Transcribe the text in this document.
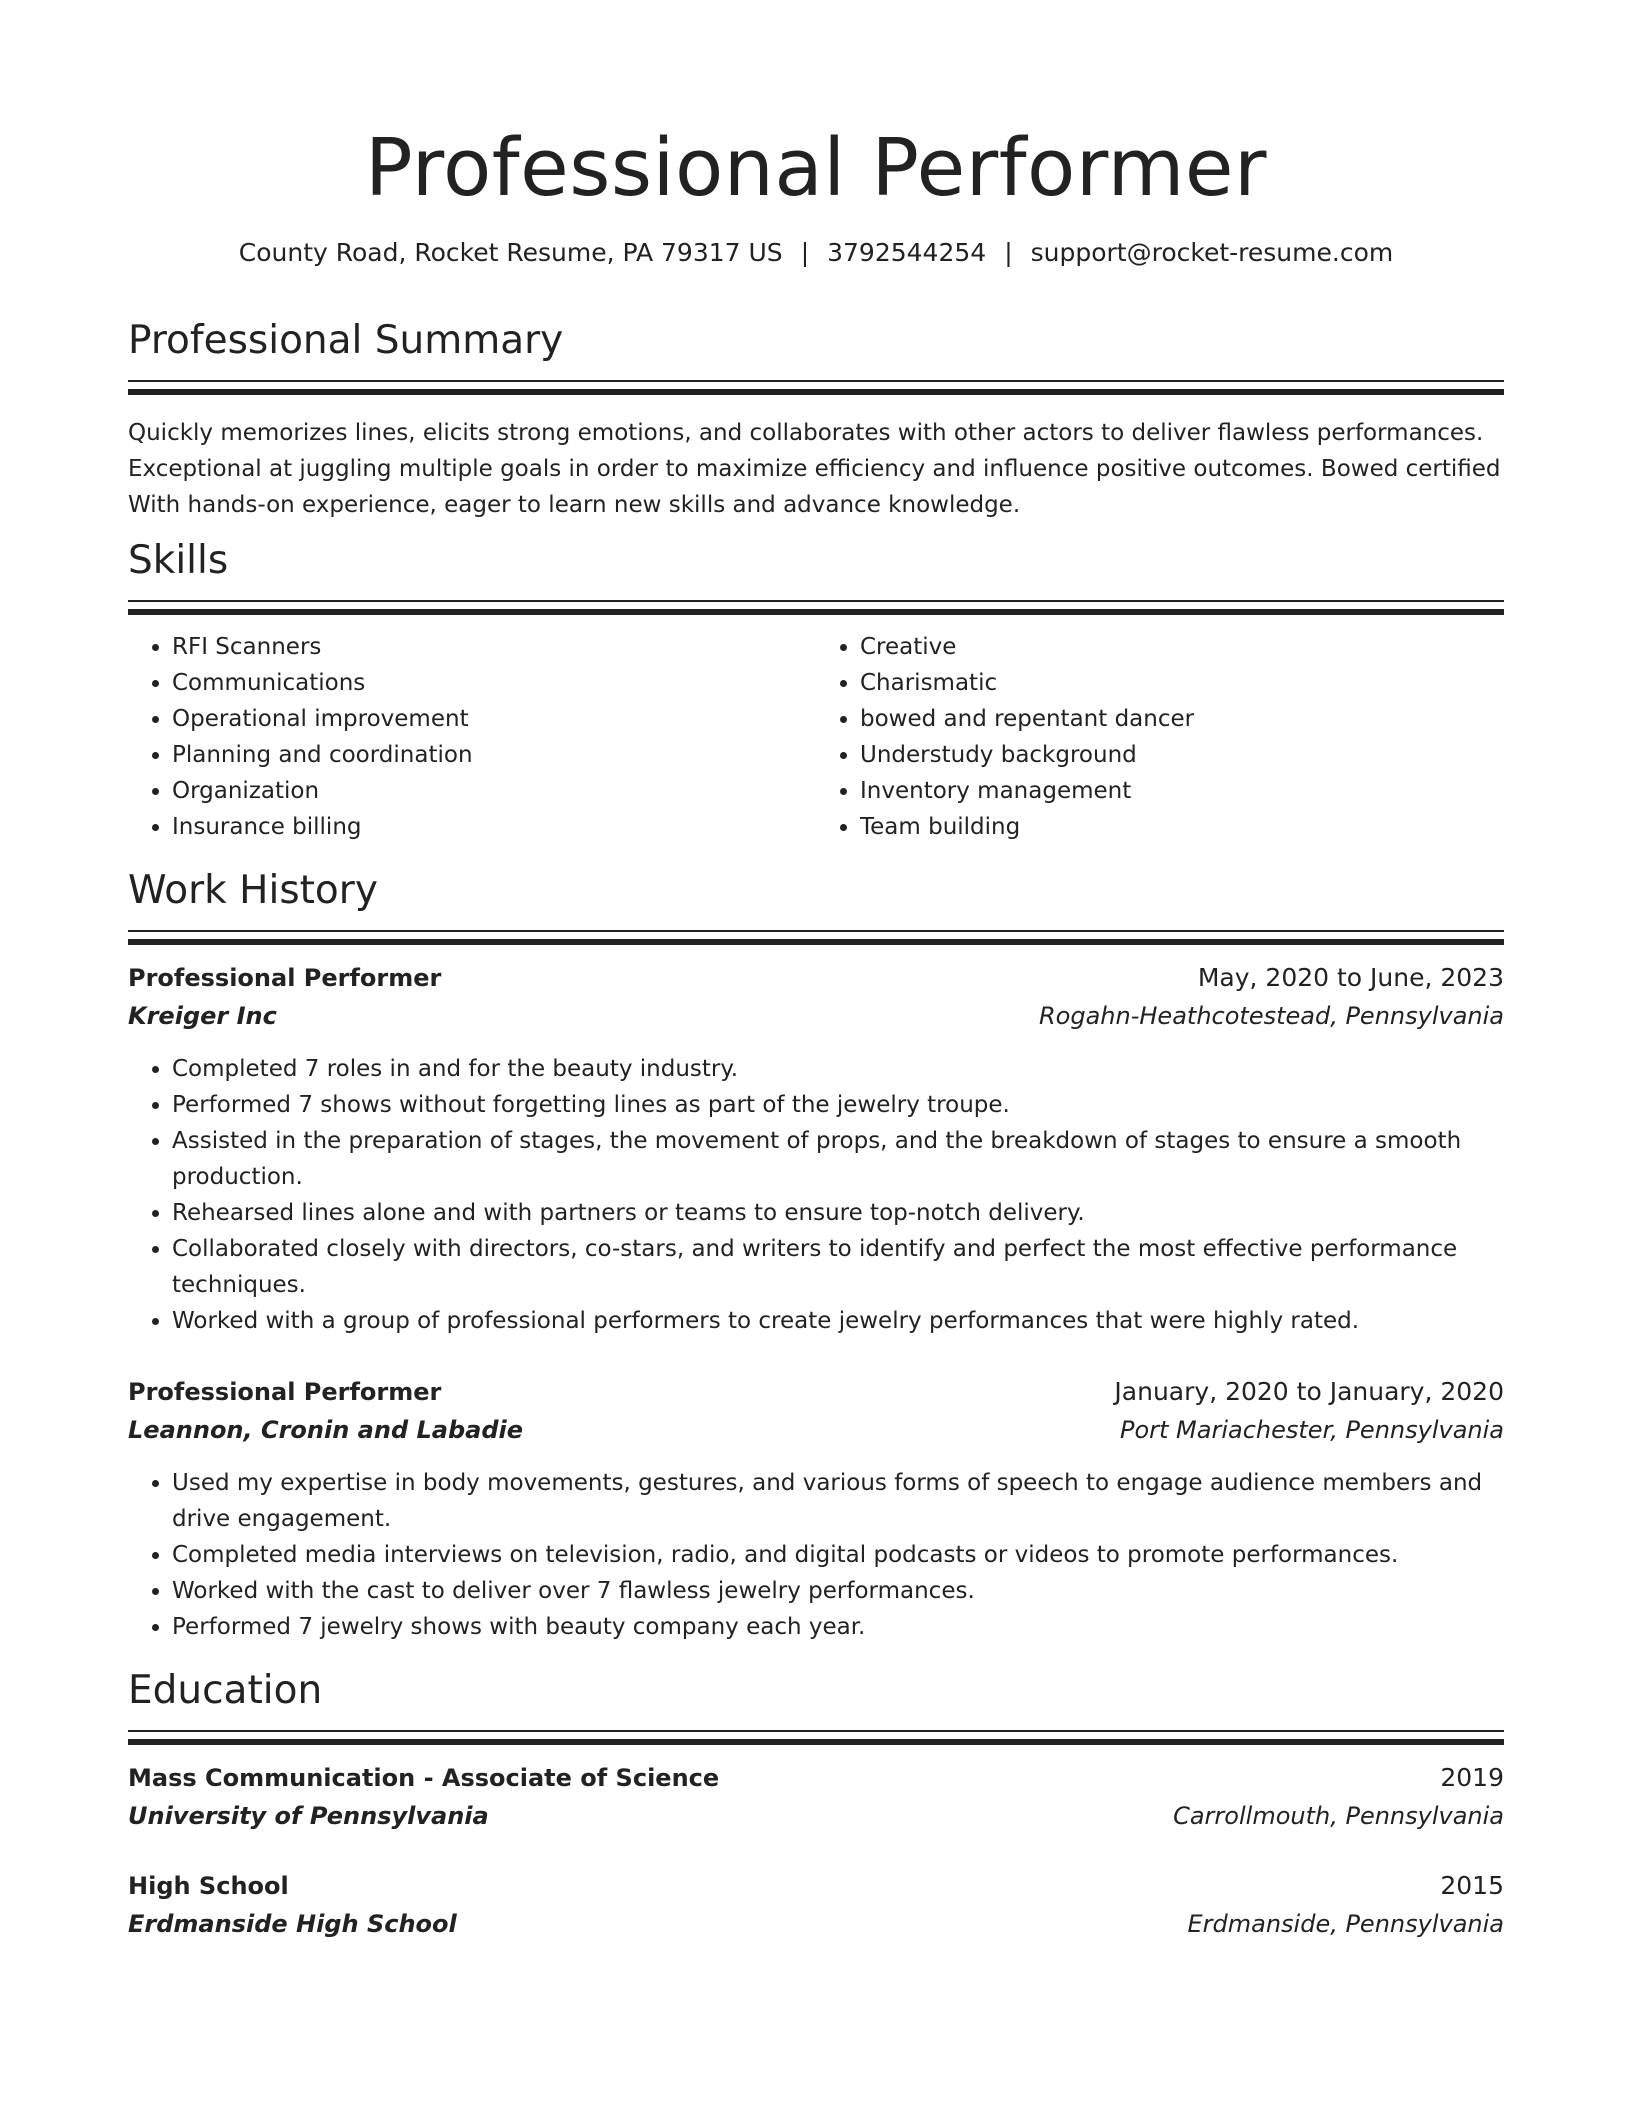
Professional Performer
County Road, Rocket Resume, PA 79317 US | 3792544254 | support@rocket-resume.com
Professional Summary
Quickly memorizes lines, elicits strong emotions, and collaborates with other actors to deliver flawless performances.
Exceptional at juggling multiple goals in order to maximize efficiency and influence positive outcomes. Bowed certified
With hands-on experience, eager to learn new skills and advance knowledge.
Skills
• RFI Scanners
• Communications
• Operational improvement
• Planning and coordination
• Organization
• Insurance billing
• Creative
• Charismatic
• bowed and repentant dancer
• Understudy background
• Inventory management
• Team building
Work History
Professional Performer	May, 2020 to June, 2023
Kreiger Inc	Rogahn-Heathcotestead, Pennsylvania
• Completed 7 roles in and for the beauty industry.
• Performed 7 shows without forgetting lines as part of the jewelry troupe.
• Assisted in the preparation of stages, the movement of props, and the breakdown of stages to ensure a smooth production.
• Rehearsed lines alone and with partners or teams to ensure top-notch delivery.
• Collaborated closely with directors, co-stars, and writers to identify and perfect the most effective performance techniques.
• Worked with a group of professional performers to create jewelry performances that were highly rated.
Professional Performer	January, 2020 to January, 2020
Leannon, Cronin and Labadie	Port Mariachester, Pennsylvania
• Used my expertise in body movements, gestures, and various forms of speech to engage audience members and drive engagement.
• Completed media interviews on television, radio, and digital podcasts or videos to promote performances.
• Worked with the cast to deliver over 7 flawless jewelry performances.
• Performed 7 jewelry shows with beauty company each year.
Education
Mass Communication - Associate of Science	2019
University of Pennsylvania	Carrollmouth, Pennsylvania
High School	2015
Erdmanside High School	Erdmanside, Pennsylvania
